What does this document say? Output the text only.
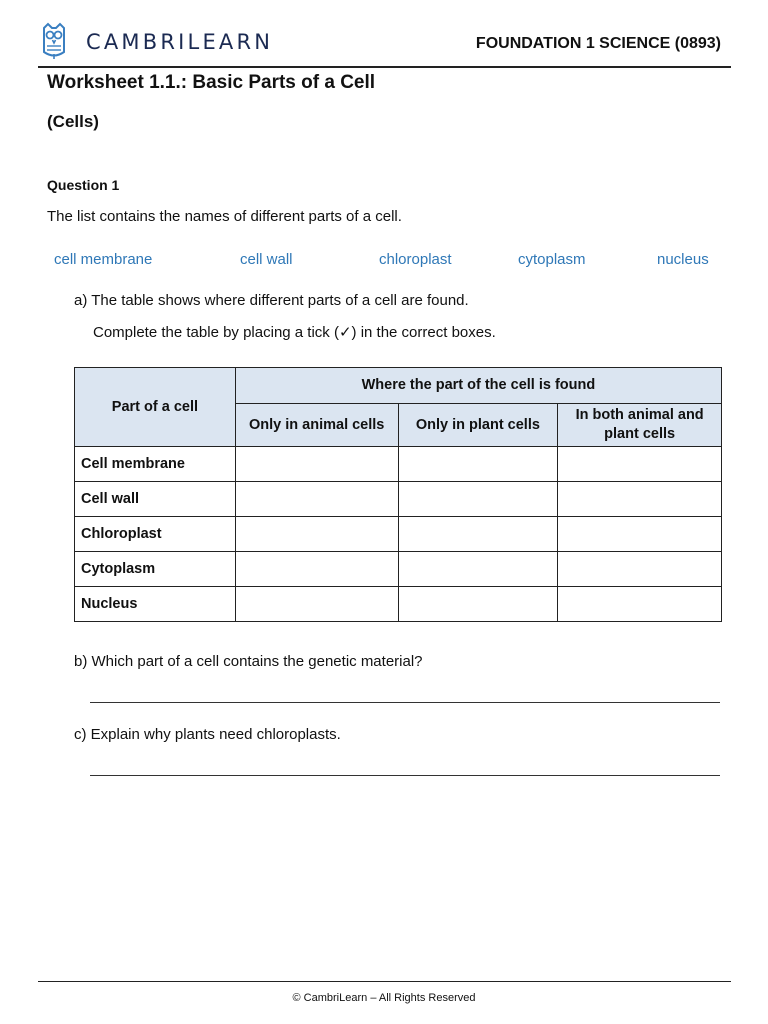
CAMBRILEARN	FOUNDATION 1 SCIENCE (0893)
Worksheet 1.1.: Basic Parts of a Cell
(Cells)
Question 1
The list contains the names of different parts of a cell.
cell membrane	cell wall	chloroplast	cytoplasm	nucleus
a) The table shows where different parts of a cell are found.
Complete the table by placing a tick (✓) in the correct boxes.
Part of a cell	Where the part of the cell is found		
	Only in animal cells	Only in plant cells	In both animal and plant cells
Cell membrane			
Cell wall			
Chloroplast			
Cytoplasm			
Nucleus			
b) Which part of a cell contains the genetic material?
c) Explain why plants need chloroplasts.
© CambriLearn – All Rights Reserved
